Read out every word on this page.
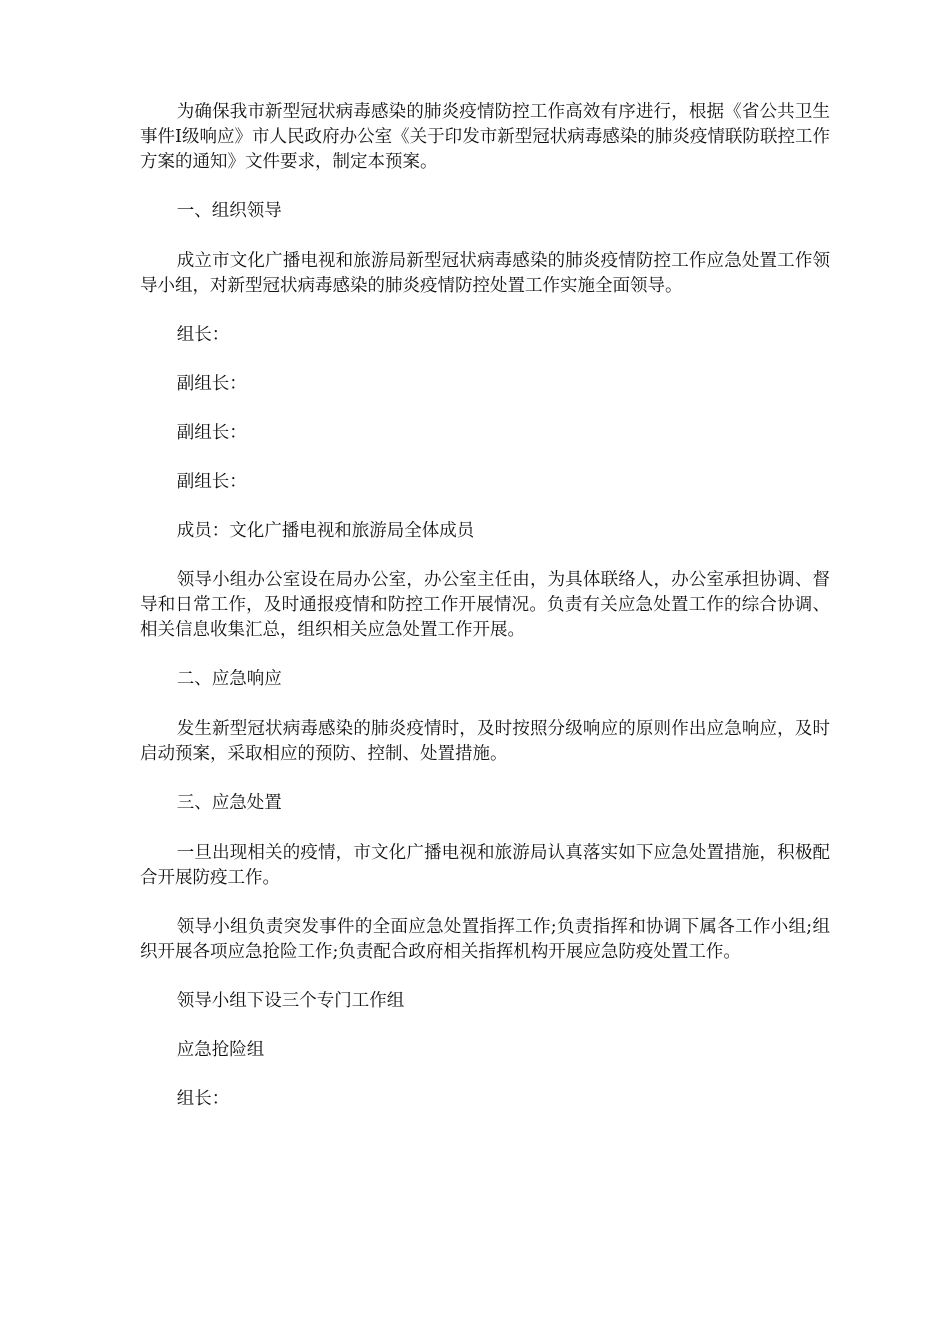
为确保我市新型冠状病毒感染的肺炎疫情防控工作高效有序进行，根据《省公共卫生事件Ⅰ级响应》市人民政府办公室《关于印发市新型冠状病毒感染的肺炎疫情联防联控工作方案的通知》文件要求，制定本预案。

一、组织领导

成立市文化广播电视和旅游局新型冠状病毒感染的肺炎疫情防控工作应急处置工作领导小组，对新型冠状病毒感染的肺炎疫情防控处置工作实施全面领导。

组长：

副组长：

副组长：

副组长：

成员：文化广播电视和旅游局全体成员

领导小组办公室设在局办公室，办公室主任由，为具体联络人，办公室承担协调、督导和日常工作，及时通报疫情和防控工作开展情况。负责有关应急处置工作的综合协调、相关信息收集汇总，组织相关应急处置工作开展。

二、应急响应

发生新型冠状病毒感染的肺炎疫情时，及时按照分级响应的原则作出应急响应，及时启动预案，采取相应的预防、控制、处置措施。

三、应急处置

一旦出现相关的疫情，市文化广播电视和旅游局认真落实如下应急处置措施，积极配合开展防疫工作。

领导小组负责突发事件的全面应急处置指挥工作;负责指挥和协调下属各工作小组;组织开展各项应急抢险工作;负责配合政府相关指挥机构开展应急防疫处置工作。

领导小组下设三个专门工作组

应急抢险组

组长：
